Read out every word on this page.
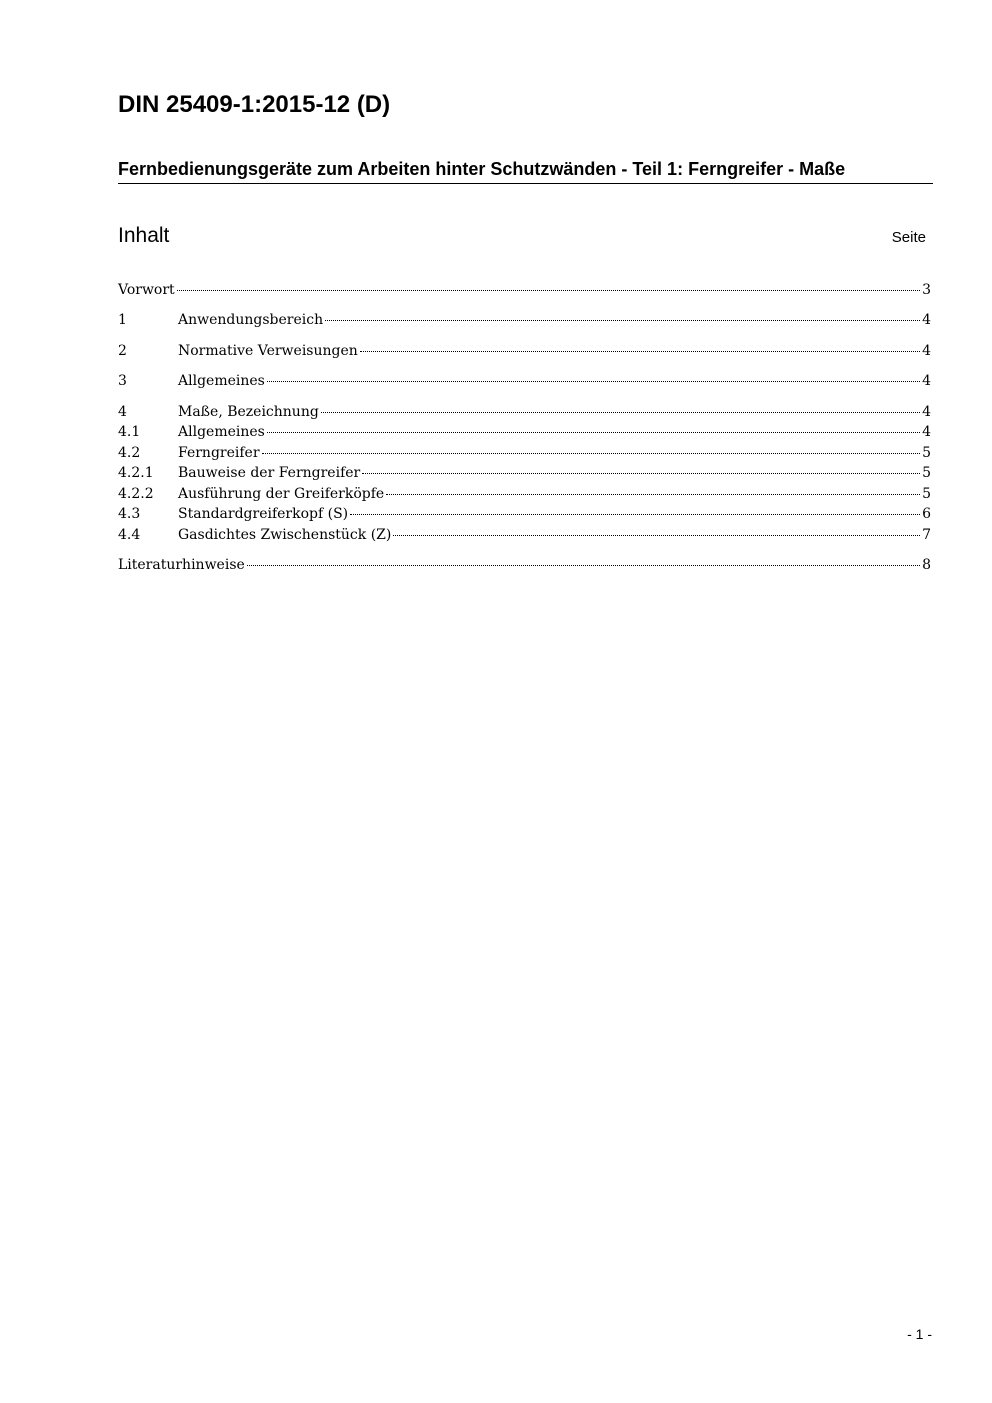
DIN 25409-1:2015-12 (D)
Fernbedienungsgeräte zum Arbeiten hinter Schutzwänden - Teil 1: Ferngreifer - Maße
Inhalt	Seite
Vorwort	3
1	Anwendungsbereich	4
2	Normative Verweisungen	4
3	Allgemeines	4
4	Maße, Bezeichnung	4
4.1	Allgemeines	4
4.2	Ferngreifer	5
4.2.1	Bauweise der Ferngreifer	5
4.2.2	Ausführung der Greiferköpfe	5
4.3	Standardgreiferkopf (S)	6
4.4	Gasdichtes Zwischenstück (Z)	7
Literaturhinweise	8
- 1 -
